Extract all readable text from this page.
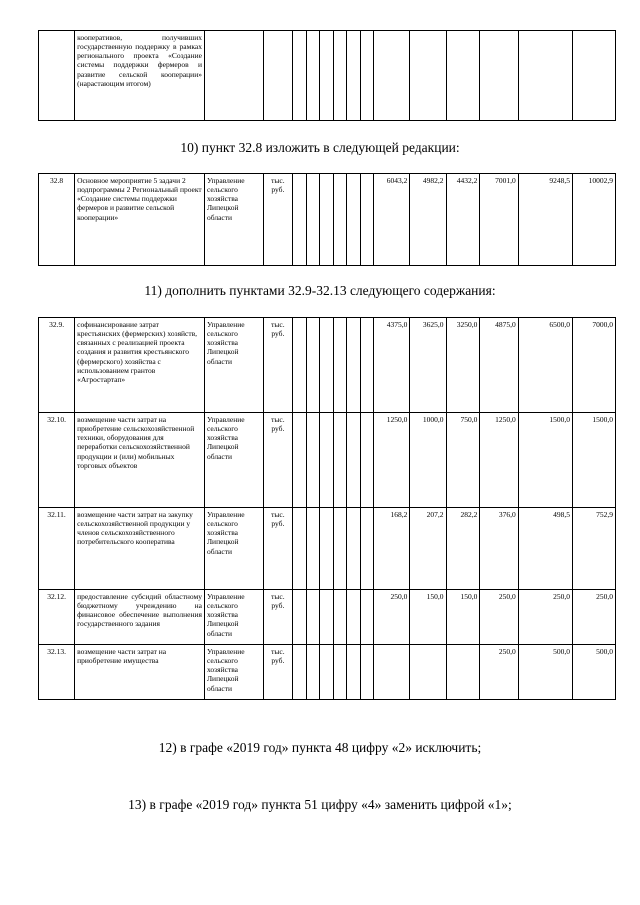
	кооперативов, получивших государственную поддержку в рамках регионального проекта «Создание системы поддержки фермеров и развитие сельской кооперации» (нарастающим итогом)														
10) пункт 32.8 изложить в следующей редакции:
32.8	Основное мероприятие 5 задачи 2 подпрограммы 2 Региональный проект «Создание системы поддержки фермеров и развитие сельской кооперации»	Управление сельского хозяйства Липецкой области	тыс. руб.							6043,2	4982,2	4432,2	7001,0	9248,5	10002,9
11) дополнить пунктами 32.9-32.13 следующего содержания:
32.9.	софинансирование затрат крестьянских (фермерских) хозяйств, связанных с реализацией проекта создания и развития крестьянского (фермерского) хозяйства с использованием грантов «Агростартап»	Управление сельского хозяйства Липецкой области	тыс. руб.							4375,0	3625,0	3250,0	4875,0	6500,0	7000,0
32.10.	возмещение части затрат на приобретение сельскохозяйственной техники, оборудования для переработки сельскохозяйственной продукции и (или) мобильных торговых объектов	Управление сельского хозяйства Липецкой области	тыс. руб.							1250,0	1000,0	750,0	1250,0	1500,0	1500,0
32.11.	возмещение части затрат на закупку сельскохозяйственной продукции у членов сельскохозяйственного потребительского кооператива	Управление сельского хозяйства Липецкой области	тыс. руб.							168,2	207,2	282,2	376,0	498,5	752,9
32.12.	предоставление субсидий областному бюджетному учреждению на финансовое обеспечение выполнения государственного задания	Управление сельского хозяйства Липецкой области	тыс. руб.							250,0	150,0	150,0	250,0	250,0	250,0
32.13.	возмещение части затрат на приобретение имущества	Управление сельского хозяйства Липецкой области	тыс. руб.										250,0	500,0	500,0
12) в графе «2019 год» пункта 48 цифру «2» исключить;
13) в графе «2019 год» пункта 51 цифру «4» заменить цифрой «1»;
